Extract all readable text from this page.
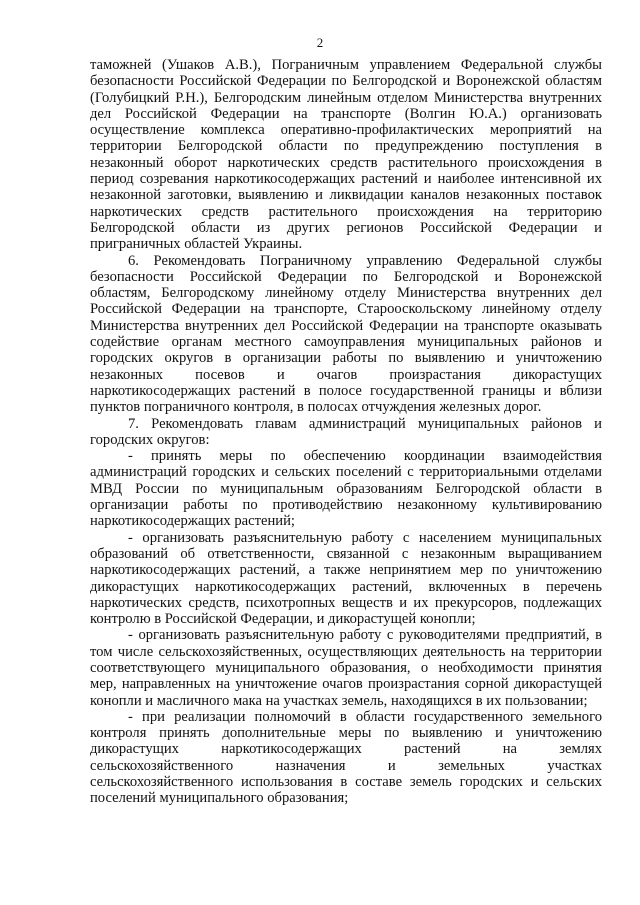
2

таможней (Ушаков А.В.), Пограничным управлением Федеральной службы
безопасности Российской Федерации по Белгородской и Воронежской областям
(Голубицкий Р.Н.), Белгородским линейным отделом Министерства внутренних
дел Российской Федерации на транспорте (Волгин Ю.А.) организовать
осуществление комплекса оперативно-профилактических мероприятий на
территории Белгородской области по предупреждению поступления в
незаконный оборот наркотических средств растительного происхождения в
период созревания наркотикосодержащих растений и наиболее интенсивной их
незаконной заготовки, выявлению и ликвидации каналов незаконных поставок
наркотических средств растительного происхождения на территорию
Белгородской области из других регионов Российской Федерации и
приграничных областей Украины.

6. Рекомендовать Пограничному управлению Федеральной службы
безопасности Российской Федерации по Белгородской и Воронежской
областям, Белгородскому линейному отделу Министерства внутренних дел
Российской Федерации на транспорте, Старооскольскому линейному отделу
Министерства внутренних дел Российской Федерации на транспорте оказывать
содействие органам местного самоуправления муниципальных районов и
городских округов в организации работы по выявлению и уничтожению
незаконных посевов и очагов произрастания дикорастущих
наркотикосодержащих растений в полосе государственной границы и вблизи
пунктов пограничного контроля, в полосах отчуждения железных дорог.

7. Рекомендовать главам администраций муниципальных районов и
городских округов:

- принять меры по обеспечению координации взаимодействия
администраций городских и сельских поселений с территориальными отделами
МВД России по муниципальным образованиям Белгородской области в
организации работы по противодействию незаконному культивированию
наркотикосодержащих растений;

- организовать разъяснительную работу с населением муниципальных
образований об ответственности, связанной с незаконным выращиванием
наркотикосодержащих растений, а также непринятием мер по уничтожению
дикорастущих наркотикосодержащих растений, включенных в перечень
наркотических средств, психотропных веществ и их прекурсоров, подлежащих
контролю в Российской Федерации, и дикорастущей конопли;

- организовать разъяснительную работу с руководителями предприятий, в
том числе сельскохозяйственных, осуществляющих деятельность на территории
соответствующего муниципального образования, о необходимости принятия
мер, направленных на уничтожение очагов произрастания сорной дикорастущей
конопли и масличного мака на участках земель, находящихся в их пользовании;

- при реализации полномочий в области государственного земельного
контроля принять дополнительные меры по выявлению и уничтожению
дикорастущих наркотикосодержащих растений на землях
сельскохозяйственного назначения и земельных участках
сельскохозяйственного использования в составе земель городских и сельских
поселений муниципального образования;
